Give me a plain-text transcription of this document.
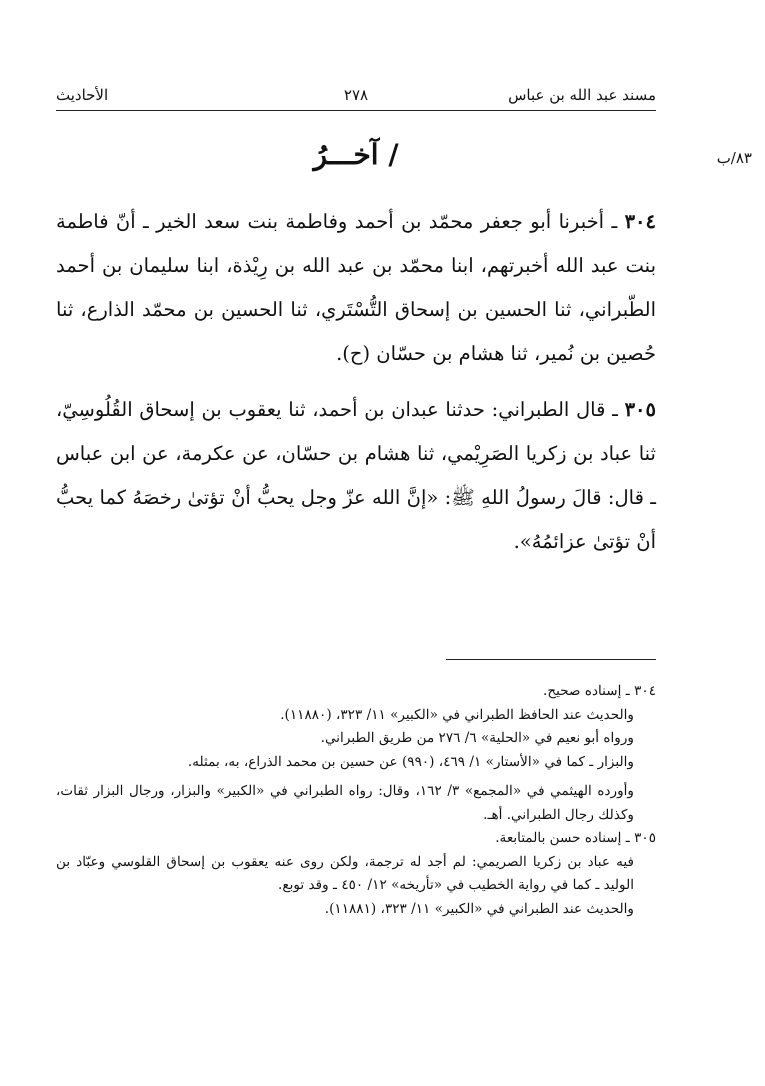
مسند عبد الله بن عباس
٢٧٨
الأحاديث
٨٣/ب
/ آخـــرُ

٣٠٤ ـ أخبرنا أبو جعفر محمّد بن أحمد وفاطمة بنت سعد الخير ـ أنّ فاطمة بنت عبد الله أخبرتهم، ابنا محمّد بن عبد الله بن رِيْذة، ابنا سليمان بن أحمد الطّبراني، ثنا الحسين بن إسحاق التُّسْتَري، ثنا الحسين بن محمّد الذارع، ثنا حُصين بن نُمير، ثنا هشام بن حسّان (ح).

٣٠٥ ـ قال الطبراني: حدثنا عبدان بن أحمد، ثنا يعقوب بن إسحاق القُلُوسِيّ، ثنا عباد بن زكريا الصَرِيْمي، ثنا هشام بن حسّان، عن عكرمة، عن ابن عباس ـ قال: قالَ رسولُ اللهِ ﷺ: «إنَّ الله عزّ وجل يحبُّ أنْ تؤتىٰ رخصَهُ كما يحبُّ أنْ تؤتىٰ عزائمُهُ».

٣٠٤ ـ إسناده صحيح.
والحديث عند الحافظ الطبراني في «الكبير» ١١/ ٣٢٣، (١١٨٨٠).
ورواه أبو نعيم في «الحلية» ٦/ ٢٧٦ من طريق الطبراني.
والبزار ـ كما في «الأستار» ١/ ٤٦٩، (٩٩٠) عن حسين بن محمد الذراع، به، بمثله.
وأورده الهيثمي في «المجمع» ٣/ ١٦٢، وقال: رواه الطبراني في «الكبير» والبزار، ورجال البزار ثقات، وكذلك رجال الطبراني. أهـ.
٣٠٥ ـ إسناده حسن بالمتابعة.
فيه عباد بن زكريا الصريمي: لم أجد له ترجمة، ولكن روى عنه يعقوب بن إسحاق القلوسي وعبّاد بن الوليد ـ كما في رواية الخطيب في «تأريخه» ١٢/ ٤٥٠ ـ وقد توبع.
والحديث عند الطبراني في «الكبير» ١١/ ٣٢٣، (١١٨٨١).
